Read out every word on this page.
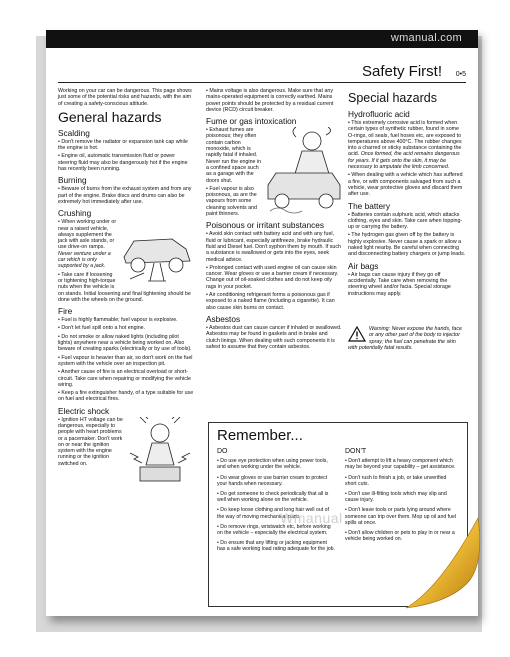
wmanual.com
Safety First! 0•5

Working on your car can be dangerous. This page shows just some of the potential risks and hazards, with the aim of creating a safety-conscious attitude.

General hazards
Scalding

• Don't remove the radiator or expansion tank cap while the engine is hot.

• Engine oil, automatic transmission fluid or power steering fluid may also be dangerously hot if the engine has recently been running.

Burning

• Beware of burns from the exhaust system and from any part of the engine. Brake discs and drums can also be extremely hot immediately after use.

Crushing

• When working under or near a raised vehicle, always supplement the jack with axle stands, or use drive-on ramps. Never venture under a car which is only supported by a jack.

• Take care if loosening or tightening high-torque nuts when the vehicle is on stands. Initial loosening and final tightening should be done with the wheels on the ground.

Fire

• Fuel is highly flammable; fuel vapour is explosive.

• Don't let fuel spill onto a hot engine.

• Do not smoke or allow naked lights (including pilot lights) anywhere near a vehicle being worked on. Also beware of creating sparks (electrically or by use of tools).

• Fuel vapour is heavier than air, so don't work on the fuel system with the vehicle over an inspection pit.

• Another cause of fire is an electrical overload or short-circuit. Take care when repairing or modifying the vehicle wiring.

• Keep a fire extinguisher handy, of a type suitable for use on fuel and electrical fires.

Electric shock

• Ignition HT voltage can be dangerous, especially to people with heart problems or a pacemaker. Don't work on or near the ignition system with the engine running or the ignition switched on.

• Mains voltage is also dangerous. Make sure that any mains-operated equipment is correctly earthed. Mains power points should be protected by a residual current device (RCD) circuit breaker.

Fume or gas intoxication

• Exhaust fumes are poisonous; they often contain carbon monoxide, which is rapidly fatal if inhaled. Never run the engine in a confined space such as a garage with the doors shut.

• Fuel vapour is also poisonous, as are the vapours from some cleaning solvents and paint thinners.

Poisonous or irritant substances

• Avoid skin contact with battery acid and with any fuel, fluid or lubricant, especially antifreeze, brake hydraulic fluid and Diesel fuel. Don't syphon them by mouth. If such a substance is swallowed or gets into the eyes, seek medical advice.

• Prolonged contact with used engine oil can cause skin cancer. Wear gloves or use a barrier cream if necessary. Change out of oil-soaked clothes and do not keep oily rags in your pocket.

• Air conditioning refrigerant forms a poisonous gas if exposed to a naked flame (including a cigarette). It can also cause skin burns on contact.

Asbestos

• Asbestos dust can cause cancer if inhaled or swallowed. Asbestos may be found in gaskets and in brake and clutch linings. When dealing with such components it is safest to assume that they contain asbestos.

Special hazards
Hydrofluoric acid

• This extremely corrosive acid is formed when certain types of synthetic rubber, found in some O-rings, oil seals, fuel hoses etc, are exposed to temperatures above 400°C. The rubber changes into a charred or sticky substance containing the acid. Once formed, the acid remains dangerous for years. If it gets onto the skin, it may be necessary to amputate the limb concerned.

• When dealing with a vehicle which has suffered a fire, or with components salvaged from such a vehicle, wear protective gloves and discard them after use.

The battery

• Batteries contain sulphuric acid, which attacks clothing, eyes and skin. Take care when topping-up or carrying the battery.

• The hydrogen gas given off by the battery is highly explosive. Never cause a spark or allow a naked light nearby. Be careful when connecting and disconnecting battery chargers or jump leads.

Air bags

• Air bags can cause injury if they go off accidentally. Take care when removing the steering wheel and/or facia. Special storage instructions may apply.

Warning: Never expose the hands, face or any other part of the body to injector spray; the fuel can penetrate the skin with potentially fatal results.
Remember...
DO

• Do use eye protection when using power tools, and when working under the vehicle.

• Do wear gloves or use barrier cream to protect your hands when necessary.

• Do get someone to check periodically that all is well when working alone on the vehicle.

• Do keep loose clothing and long hair well out of the way of moving mechanical parts.

• Do remove rings, wristwatch etc, before working on the vehicle – especially the electrical system.

• Do ensure that any lifting or jacking equipment has a safe working load rating adequate for the job.

DON'T

• Don't attempt to lift a heavy component which may be beyond your capability – get assistance.

• Don't rush to finish a job, or take unverified short cuts.

• Don't use ill-fitting tools which may slip and cause injury.

• Don't leave tools or parts lying around where someone can trip over them. Mop up oil and fuel spills at once.

• Don't allow children or pets to play in or near a vehicle being worked on.

Wmanual
